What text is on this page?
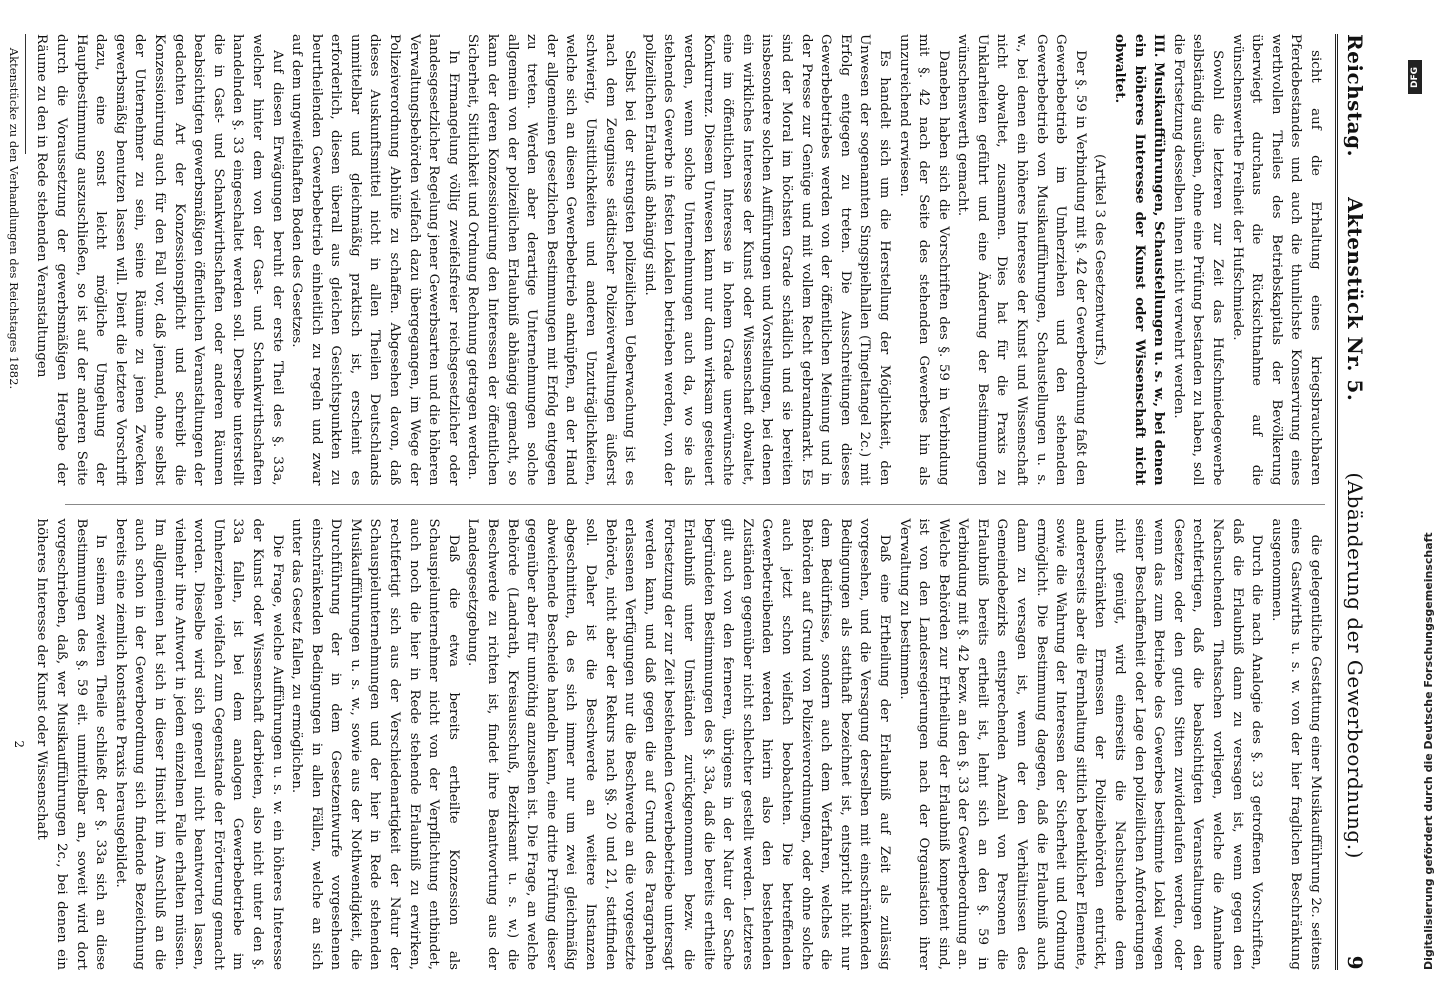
Reichstag.
Aktenstück Nr. 5.
(Abänderung der Gewerbeordnung.)
9

sicht auf die Erhaltung eines kriegsbrauchbaren Pferdebestandes und auch die thunlichste Konservirung eines werthvollen Theiles des Betriebskapitals der Bevölkerung überwiegt durchaus die Rücksichtnahme auf die wünschenswerthe Freiheit der Hufschmiede.

Sowohl die letzteren zur Zeit das Hufschmiedegewerbe selbständig ausüben, ohne eine Prüfung bestanden zu haben, soll die Fortsetzung desselben ihnen nicht verwehrt werden.

III. Musikaufführungen, Schaustellungen u. s. w., bei denen ein höheres Interesse der Kunst oder Wissenschaft nicht obwaltet.

(Artikel 3 des Gesetzentwurfs.)

Der §. 59 in Verbindung mit §. 42 der Gewerbeordnung faßt den Gewerbebetrieb im Umherziehen und den stehenden Gewerbebetrieb von Musikaufführungen, Schaustellungen u. s. w., bei denen ein höheres Interesse der Kunst und Wissenschaft nicht obwaltet, zusammen. Dies hat für die Praxis zu Unklarheiten geführt und eine Änderung der Bestimmungen wünschenswerth gemacht.

Daneben haben sich die Vorschriften des §. 59 in Verbindung mit §. 42 nach der Seite des stehenden Gewerbes hin als unzureichend erwiesen.

Es handelt sich um die Herstellung der Möglichkeit, den Unwesen der sogenannten Singspielhallen (Tingeltangel 2c.) mit Erfolg entgegen zu treten. Die Ausschreitungen dieses Gewerbebetriebes werden von der öffentlichen Meinung und in der Presse zur Genüge und mit vollem Recht gebrandmarkt. Es sind der Moral im höchsten Grade schädlich und sie bereiten insbesondere solchen Aufführungen und Vorstellungen, bei denen ein wirkliches Interesse der Kunst oder Wissenschaft obwaltet, eine im öffentlichen Interesse in hohem Grade unerwünschte Konkurrenz. Diesem Unwesen kann nur dann wirksam gesteuert werden, wenn solche Unternehmungen auch da, wo sie als stehendes Gewerbe in festen Lokalen betrieben werden, von der polizeilichen Erlaubniß abhängig sind.

Selbst bei der strengsten polizeilichen Ueberwachung ist es nach dem Zeugnisse städtischer Polizeiverwaltungen äußerst schwierig, Unsittlichkeiten und anderen Unzuträglichkeiten, welche sich an diesen Gewerbebetrieb anknüpfen, an der Hand der allgemeinen gesetzlichen Bestimmungen mit Erfolg entgegen zu treten. Werden aber derartige Unternehmungen solche allgemein von der polizeilichen Erlaubniß abhängig gemacht, so kann der deren Konzessionirung den Interessen der öffentlichen Sicherheit, Sittlichkeit und Ordnung Rechnung getragen werden.

In Ermangelung völlig zweifelsfreier reichsgesetzlicher oder landesgesetzlicher Regelung jener Gewerbsarten und die höheren Verwaltungsbehörden vielfach dazu übergegangen, im Wege der Polizeiverordnung Abhülfe zu schaffen. Abgesehen davon, daß dieses Auskunftsmittel nicht in allen Theilen Deutschlands unmittelbar und gleichmäßig praktisch ist, erscheint es erforderlich, diesen überall aus gleichen Gesichtspunkten zu beurtheilenden Gewerbebetrieb einheitlich zu regeln und zwar auf dem ungweifelhaften Boden des Gesetzes.

Auf diesen Erwägungen beruht der erste Theil des §. 33a, welcher hinter dem von der Gast- und Schankwirthschaften handelnden §. 33 eingeschaltet werden soll. Derselbe unterstellt die in Gast- und Schankwirthschaften oder anderen Räumen beabsichtigten gewerbsmäßigen öffentlichen Veranstaltungen der gedachten Art der Konzessionspflicht und schreibt die Konzessionirung auch für den Fall vor, daß jemand, ohne selbst der Unternehmer zu sein, seine Räume zu jenen Zwecken gewerbsmäßig benutzen lassen will. Dient die letztere Vorschrift dazu, eine sonst leicht mögliche Umgehung der Hauptbestimmung auszuschließen, so ist auf der anderen Seite durch die Voraussetzung der gewerbsmäßigen Hergabe der Räume zu den in Rede stehenden Veranstaltungen

Aktenstücke zu den Verhandlungen des Reichstages 1882.

die gelegentliche Gestattung einer Musikaufführung 2c. seitens eines Gastwirths u. s. w. von der hier fraglichen Beschränkung ausgenommen.

Durch die nach Analogie des §. 33 getroffenen Vorschriften, daß die Erlaubniß dann zu versagen ist, wenn gegen den Nachsuchenden Thatsachen vorliegen, welche die Annahme rechtfertigen, daß die beabsichtigten Veranstaltungen den Gesetzen oder den guten Sitten zuwiderlaufen werden, oder wenn das zum Betriebe des Gewerbes bestimmte Lokal wegen seiner Beschaffenheit oder Lage den polizeilichen Anforderungen nicht genügt, wird einerseits die Nachsuchende dem unbeschränkten Ermessen der Polizeibehörden entrückt, andererseits aber die Fernhaltung sittlich bedenklicher Elemente, sowie die Wahrung der Interessen der Sicherheit und Ordnung ermöglicht. Die Bestimmung dagegen, daß die Erlaubniß auch dann zu versagen ist, wenn der den Verhältnissen des Gemeindebezirks entsprechenden Anzahl von Personen die Erlaubniß bereits ertheilt ist, lehnt sich an den §. 59 in Verbindung mit §. 42 bezw. an den §. 33 der Gewerbeordnung an. Welche Behörden zur Ertheilung der Erlaubniß kompetent sind, ist von den Landesregierungen nach der Organisation ihrer Verwaltung zu bestimmen.

Daß eine Ertheilung der Erlaubniß auf Zeit als zulässig vorgesehen, und die Versagung derselben mit einschränkenden Bedingungen als statthaft bezeichnet ist, entspricht nicht nur dem Bedürfnisse, sondern auch dem Verfahren, welches die Behörden auf Grund von Polizeiverordnungen, oder ohne solche auch jetzt schon vielfach beobachten. Die betreffenden Gewerbetreibenden werden hierin also den bestehenden Zuständen gegenüber nicht schlechter gestellt werden. Letzteres gilt auch von den ferneren, übrigens in der Natur der Sache begründeten Bestimmungen des §. 33a, daß die bereits ertheilte Erlaubniß unter Umständen zurückgenommen bezw. die Fortsetzung der zur Zeit bestehenden Gewerbebetriebe untersagt werden kann, und daß gegen die auf Grund des Paragraphen erlassenen Verfügungen nur die Beschwerde an die vorgesetzte Behörde, nicht aber der Rekurs nach §§. 20 und 21, stattfinden soll. Daher ist die Beschwerde an weitere Instanzen abgeschnitten, da es sich immer nur um zwei gleichmäßig abweichende Bescheide handeln kann, eine dritte Prüfung dieser gegenüber aber für unnöthig anzusehen ist. Die Frage, an welche Behörde (Landrath, Kreisausschuß, Bezirksamt u. s. w.) die Beschwerde zu richten ist, findet ihre Beantwortung aus der Landesgesetzgebung.

Daß die etwa bereits ertheilte Konzession als Schauspielunternehmer nicht von der Verpflichtung entbindet, auch noch die hier in Rede stehende Erlaubniß zu erwirken, rechtfertigt sich aus der Verschiedenartigkeit der Natur der Schauspielunternehmungen und der hier in Rede stehenden Musikaufführungen u. s. w., sowie aus der Nothwendigkeit, die Durchführung der in dem Gesetzentwurfe vorgesehenen einschränkenden Bedingungen in allen Fällen, welche an sich unter das Gesetz fallen, zu ermöglichen.

Die Frage, welche Aufführungen u. s. w. ein höheres Interesse der Kunst oder Wissenschaft darbieten, also nicht unter den §. 33a fallen, ist bei dem analogen Gewerbebetriebe im Umherziehen vielfach zum Gegenstande der Erörterung gemacht worden. Dieselbe wird sich generell nicht beantworten lassen, vielmehr ihre Antwort in jedem einzelnen Falle erhalten müssen. Im allgemeinen hat sich in dieser Hinsicht im Anschluß an die auch schon in der Gewerbeordnung sich findende Bezeichnung bereits eine ziemlich konstante Praxis herausgebildet.

In seinem zweiten Theile schließt der §. 33a sich an diese Bestimmungen des §. 59 eit. unmittelbar an, soweit wird dort vorgeschrieben, daß, wer Musikaufführungen 2c., bei denen ein höheres Interesse der Kunst oder Wissenschaft

2
DFG
Digitalisierung gefördert durch die Deutsche Forschungsgemeinschaft
